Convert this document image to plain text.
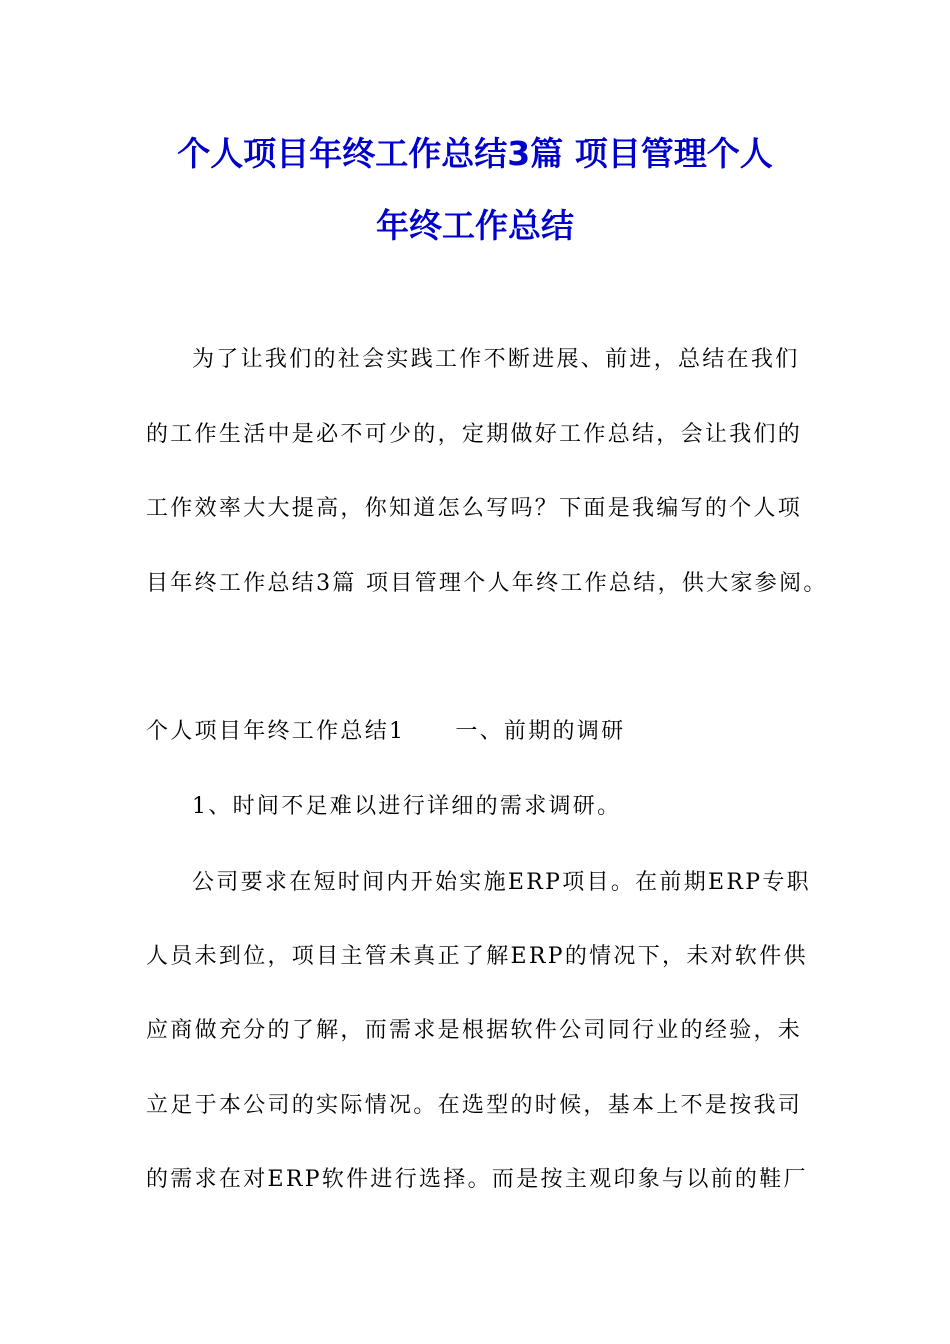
个人项目年终工作总结3篇 项目管理个人
年终工作总结

为了让我们的社会实践工作不断进展、前进，总结在我们

的工作生活中是必不可少的，定期做好工作总结，会让我们的

工作效率大大提高，你知道怎么写吗？下面是我编写的个人项

目年终工作总结3篇 项目管理个人年终工作总结，供大家参阅。

个人项目年终工作总结1 一、前期的调研

1、时间不足难以进行详细的需求调研。

公司要求在短时间内开始实施ERP项目。在前期ERP专职

人员未到位，项目主管未真正了解ERP的情况下，未对软件供

应商做充分的了解，而需求是根据软件公司同行业的经验，未

立足于本公司的实际情况。在选型的时候，基本上不是按我司

的需求在对ERP软件进行选择。而是按主观印象与以前的鞋厂
